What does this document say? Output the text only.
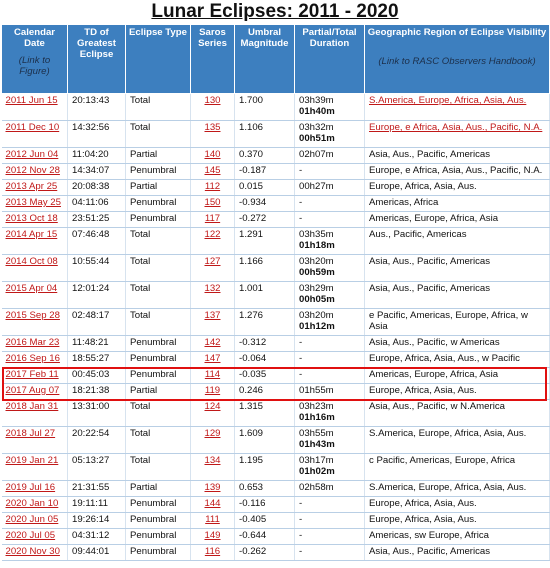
Lunar Eclipses: 2011 - 2020
Calendar Date
(Link to Figure)	TD of Greatest Eclipse	Eclipse Type	Saros Series	Umbral Magnitude	Partial/Total Duration	Geographic Region of Eclipse Visibility
(Link to RASC Observers Handbook)

2011 Jun 15	20:13:43	Total	130	1.700	03h39m
01h40m	S.America, Europe, Africa, Asia, Aus.
2011 Dec 10	14:32:56	Total	135	1.106	03h32m
00h51m	Europe, e Africa, Asia, Aus., Pacific, N.A.
2012 Jun 04	11:04:20	Partial	140	0.370	02h07m	Asia, Aus., Pacific, Americas
2012 Nov 28	14:34:07	Penumbral	145	-0.187	-	Europe, e Africa, Asia, Aus., Pacific, N.A.
2013 Apr 25	20:08:38	Partial	112	0.015	00h27m	Europe, Africa, Asia, Aus.
2013 May 25	04:11:06	Penumbral	150	-0.934	-	Americas, Africa
2013 Oct 18	23:51:25	Penumbral	117	-0.272	-	Americas, Europe, Africa, Asia
2014 Apr 15	07:46:48	Total	122	1.291	03h35m
01h18m	Aus., Pacific, Americas
2014 Oct 08	10:55:44	Total	127	1.166	03h20m
00h59m	Asia, Aus., Pacific, Americas
2015 Apr 04	12:01:24	Total	132	1.001	03h29m
00h05m	Asia, Aus., Pacific, Americas
2015 Sep 28	02:48:17	Total	137	1.276	03h20m
01h12m	e Pacific, Americas, Europe, Africa, w Asia
2016 Mar 23	11:48:21	Penumbral	142	-0.312	-	Asia, Aus., Pacific, w Americas
2016 Sep 16	18:55:27	Penumbral	147	-0.064	-	Europe, Africa, Asia, Aus., w Pacific
2017 Feb 11	00:45:03	Penumbral	114	-0.035	-	Americas, Europe, Africa, Asia
2017 Aug 07	18:21:38	Partial	119	0.246	01h55m	Europe, Africa, Asia, Aus.
2018 Jan 31	13:31:00	Total	124	1.315	03h23m
01h16m	Asia, Aus., Pacific, w N.America
2018 Jul 27	20:22:54	Total	129	1.609	03h55m
01h43m	S.America, Europe, Africa, Asia, Aus.
2019 Jan 21	05:13:27	Total	134	1.195	03h17m
01h02m	c Pacific, Americas, Europe, Africa
2019 Jul 16	21:31:55	Partial	139	0.653	02h58m	S.America, Europe, Africa, Asia, Aus.
2020 Jan 10	19:11:11	Penumbral	144	-0.116	-	Europe, Africa, Asia, Aus.
2020 Jun 05	19:26:14	Penumbral	111	-0.405	-	Europe, Africa, Asia, Aus.
2020 Jul 05	04:31:12	Penumbral	149	-0.644	-	Americas, sw Europe, Africa
2020 Nov 30	09:44:01	Penumbral	116	-0.262	-	Asia, Aus., Pacific, Americas
